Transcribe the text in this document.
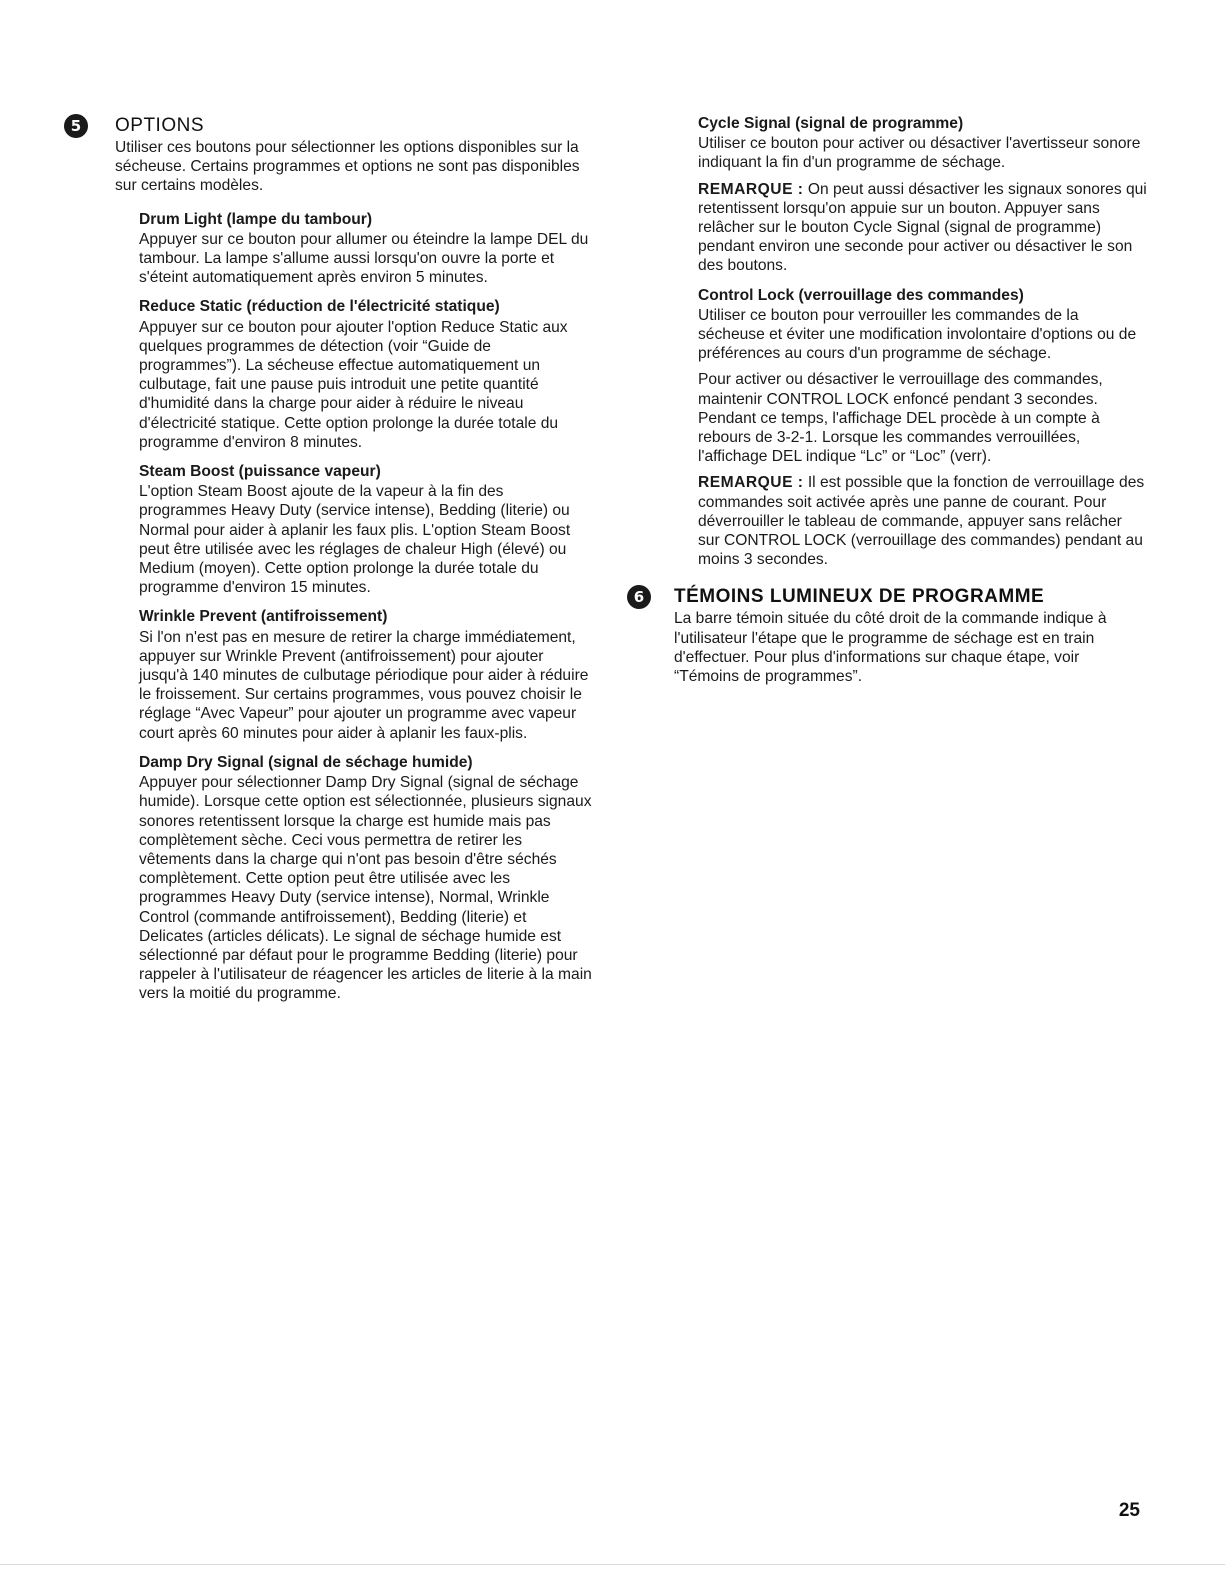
5	OPTIONS

Utiliser ces boutons pour sélectionner les options disponibles sur la sécheuse. Certains programmes et options ne sont pas disponibles sur certains modèles.

Drum Light (lampe du tambour)

Appuyer sur ce bouton pour allumer ou éteindre la lampe DEL du tambour. La lampe s'allume aussi lorsqu'on ouvre la porte et s'éteint automatiquement après environ 5 minutes.

Reduce Static (réduction de l'électricité statique)

Appuyer sur ce bouton pour ajouter l'option Reduce Static aux quelques programmes de détection (voir “Guide de programmes”). La sécheuse effectue automatiquement un culbutage, fait une pause puis introduit une petite quantité d'humidité dans la charge pour aider à réduire le niveau d'électricité statique. Cette option prolonge la durée totale du programme d'environ 8 minutes.

Steam Boost (puissance vapeur)

L'option Steam Boost ajoute de la vapeur à la fin des programmes Heavy Duty (service intense), Bedding (literie) ou Normal pour aider à aplanir les faux plis. L'option Steam Boost peut être utilisée avec les réglages de chaleur High (élevé) ou Medium (moyen). Cette option prolonge la durée totale du programme d'environ 15 minutes.

Wrinkle Prevent (antifroissement)

Si l'on n'est pas en mesure de retirer la charge immédiatement, appuyer sur Wrinkle Prevent (antifroissement) pour ajouter jusqu'à 140 minutes de culbutage périodique pour aider à réduire le froissement. Sur certains programmes, vous pouvez choisir le réglage “Avec Vapeur” pour ajouter un programme avec vapeur court après 60 minutes pour aider à aplanir les faux-plis.

Damp Dry Signal (signal de séchage humide)

Appuyer pour sélectionner Damp Dry Signal (signal de séchage humide). Lorsque cette option est sélectionnée, plusieurs signaux sonores retentissent lorsque la charge est humide mais pas complètement sèche. Ceci vous permettra de retirer les vêtements dans la charge qui n'ont pas besoin d'être séchés complètement. Cette option peut être utilisée avec les programmes Heavy Duty (service intense), Normal, Wrinkle Control (commande antifroissement), Bedding (literie) et Delicates (articles délicats). Le signal de séchage humide est sélectionné par défaut pour le programme Bedding (literie) pour rappeler à l'utilisateur de réagencer les articles de literie à la main vers la moitié du programme.

Cycle Signal (signal de programme)

Utiliser ce bouton pour activer ou désactiver l'avertisseur sonore indiquant la fin d'un programme de séchage.

REMARQUE : On peut aussi désactiver les signaux sonores qui retentissent lorsqu'on appuie sur un bouton. Appuyer sans relâcher sur le bouton Cycle Signal (signal de programme) pendant environ une seconde pour activer ou désactiver le son des boutons.

Control Lock (verrouillage des commandes)

Utiliser ce bouton pour verrouiller les commandes de la sécheuse et éviter une modification involontaire d'options ou de préférences au cours d'un programme de séchage.

Pour activer ou désactiver le verrouillage des commandes, maintenir CONTROL LOCK enfoncé pendant 3 secondes. Pendant ce temps, l'affichage DEL procède à un compte à rebours de 3-2-1. Lorsque les commandes verrouillées, l'affichage DEL indique “Lc” or “Loc” (verr).

REMARQUE : Il est possible que la fonction de verrouillage des commandes soit activée après une panne de courant. Pour déverrouiller le tableau de commande, appuyer sans relâcher sur CONTROL LOCK (verrouillage des commandes) pendant au moins 3 secondes.

6	TÉMOINS LUMINEUX DE PROGRAMME

La barre témoin située du côté droit de la commande indique à l'utilisateur l'étape que le programme de séchage est en train d'effectuer. Pour plus d'informations sur chaque étape, voir “Témoins de programmes”.

25
